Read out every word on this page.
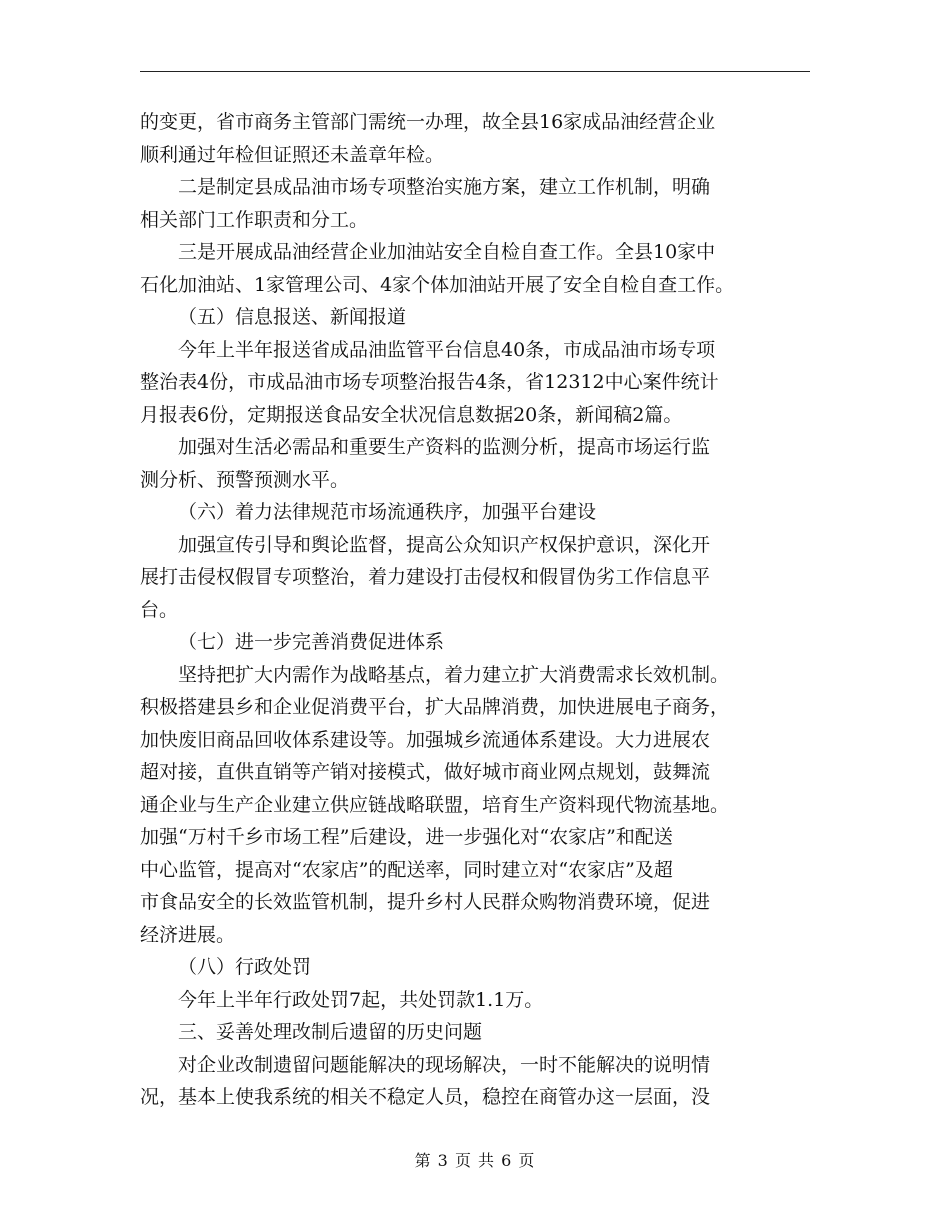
的变更，省市商务主管部门需统一办理，故全县16家成品油经营企业
顺利通过年检但证照还未盖章年检。
二是制定县成品油市场专项整治实施方案，建立工作机制，明确
相关部门工作职责和分工。
三是开展成品油经营企业加油站安全自检自查工作。全县10家中
石化加油站、1家管理公司、4家个体加油站开展了安全自检自查工作。
（五）信息报送、新闻报道
今年上半年报送省成品油监管平台信息40条，市成品油市场专项
整治表4份，市成品油市场专项整治报告4条，省12312中心案件统计
月报表6份，定期报送食品安全状况信息数据20条，新闻稿2篇。
加强对生活必需品和重要生产资料的监测分析，提高市场运行监
测分析、预警预测水平。
（六）着力法律规范市场流通秩序，加强平台建设
加强宣传引导和舆论监督，提高公众知识产权保护意识，深化开
展打击侵权假冒专项整治，着力建设打击侵权和假冒伪劣工作信息平
台。
（七）进一步完善消费促进体系
坚持把扩大内需作为战略基点，着力建立扩大消费需求长效机制。
积极搭建县乡和企业促消费平台，扩大品牌消费，加快进展电子商务，
加快废旧商品回收体系建设等。加强城乡流通体系建设。大力进展农
超对接，直供直销等产销对接模式，做好城市商业网点规划，鼓舞流
通企业与生产企业建立供应链战略联盟，培育生产资料现代物流基地。
加强“万村千乡市场工程”后建设，进一步强化对“农家店”和配送
中心监管，提高对“农家店”的配送率，同时建立对“农家店”及超
市食品安全的长效监管机制，提升乡村人民群众购物消费环境，促进
经济进展。
（八）行政处罚
今年上半年行政处罚7起，共处罚款1.1万。
三、妥善处理改制后遗留的历史问题
对企业改制遗留问题能解决的现场解决，一时不能解决的说明情
况，基本上使我系统的相关不稳定人员，稳控在商管办这一层面，没
第 3 页 共 6 页
